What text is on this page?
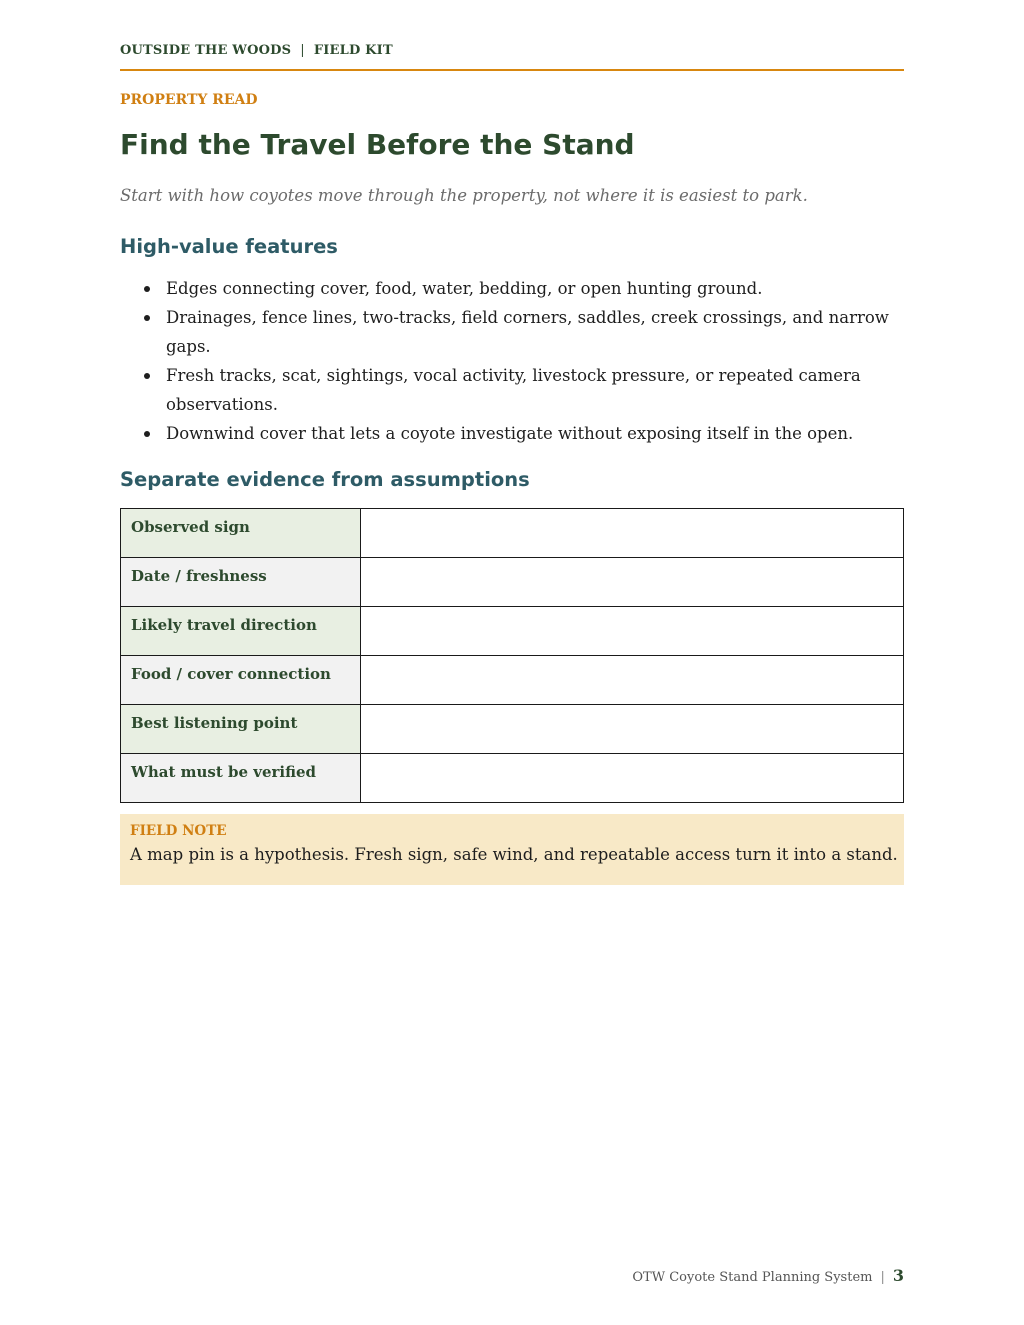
OUTSIDE THE WOODS | FIELD KIT
PROPERTY READ
Find the Travel Before the Stand

Start with how coyotes move through the property, not where it is easiest to park.

High-value features
Edges connecting cover, food, water, bedding, or open hunting ground.
Drainages, fence lines, two-tracks, field corners, saddles, creek crossings, and narrow gaps.
Fresh tracks, scat, sightings, vocal activity, livestock pressure, or repeated camera observations.
Downwind cover that lets a coyote investigate without exposing itself in the open.
Separate evidence from assumptions
Observed sign	
Date / freshness	
Likely travel direction	
Food / cover connection	
Best listening point	
What must be verified	
FIELD NOTE
A map pin is a hypothesis. Fresh sign, safe wind, and repeatable access turn it into a stand.
OTW Coyote Stand Planning System | 3
